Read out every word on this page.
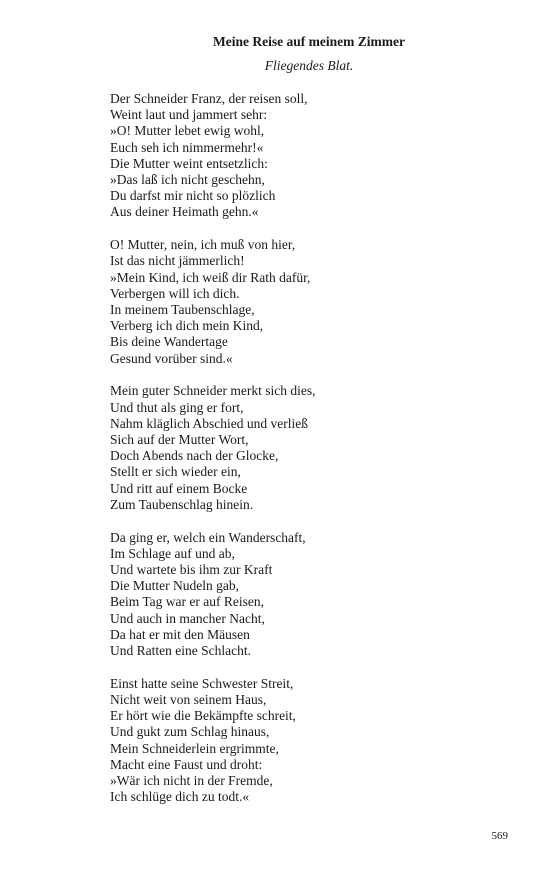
Meine Reise auf meinem Zimmer
Fliegendes Blat.
Der Schneider Franz, der reisen soll,
Weint laut und jammert sehr:
»O! Mutter lebet ewig wohl,
Euch seh ich nimmermehr!«
Die Mutter weint entsetzlich:
»Das laß ich nicht geschehn,
Du darfst mir nicht so plözlich
Aus deiner Heimath gehn.«
O! Mutter, nein, ich muß von hier,
Ist das nicht jämmerlich!
»Mein Kind, ich weiß dir Rath dafür,
Verbergen will ich dich.
In meinem Taubenschlage,
Verberg ich dich mein Kind,
Bis deine Wandertage
Gesund vorüber sind.«
Mein guter Schneider merkt sich dies,
Und thut als ging er fort,
Nahm kläglich Abschied und verließ
Sich auf der Mutter Wort,
Doch Abends nach der Glocke,
Stellt er sich wieder ein,
Und ritt auf einem Bocke
Zum Taubenschlag hinein.
Da ging er, welch ein Wanderschaft,
Im Schlage auf und ab,
Und wartete bis ihm zur Kraft
Die Mutter Nudeln gab,
Beim Tag war er auf Reisen,
Und auch in mancher Nacht,
Da hat er mit den Mäusen
Und Ratten eine Schlacht.
Einst hatte seine Schwester Streit,
Nicht weit von seinem Haus,
Er hört wie die Bekämpfte schreit,
Und gukt zum Schlag hinaus,
Mein Schneiderlein ergrimmte,
Macht eine Faust und droht:
»Wär ich nicht in der Fremde,
Ich schlüge dich zu todt.«
569
